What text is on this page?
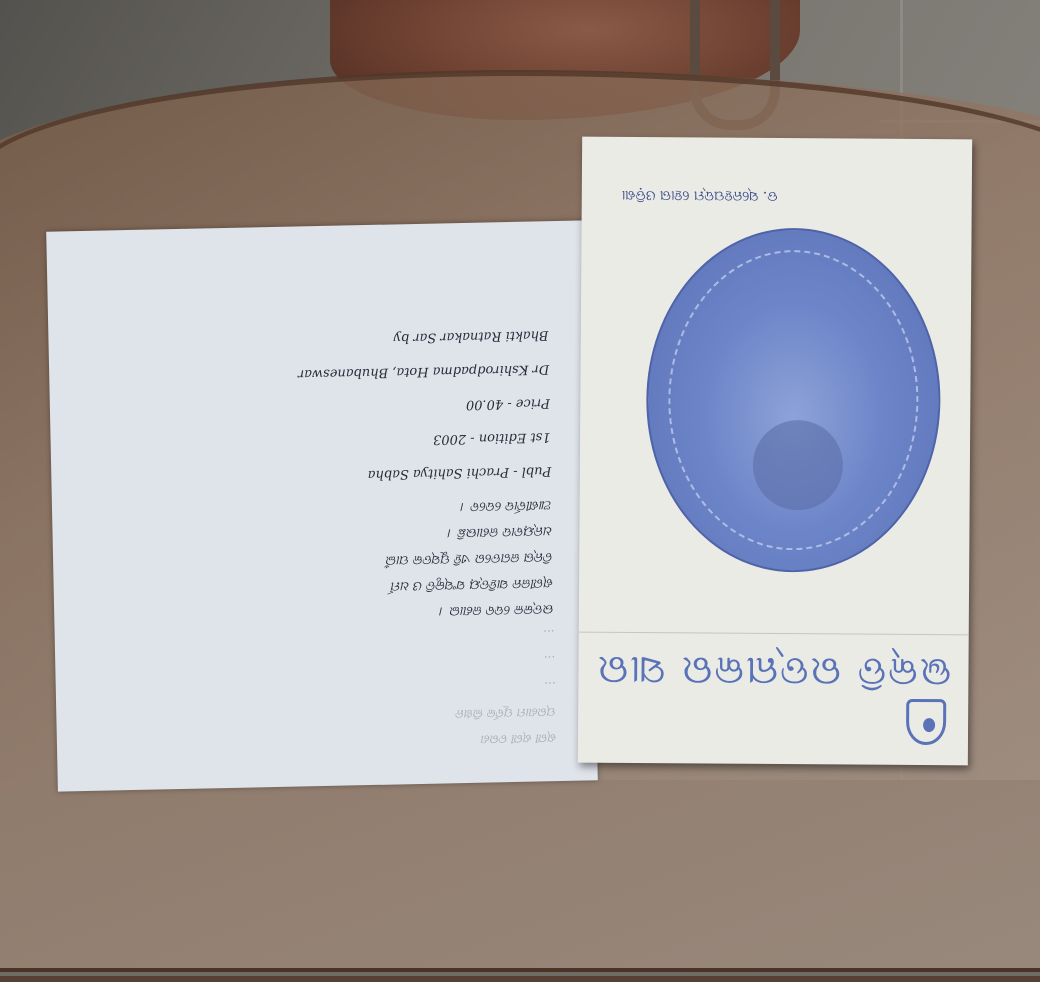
ଶ୍ରୀ ଶ୍ରୀ ଚରଣ

ପ୍ରଣାମ ପୂର୍ବକ ଲିଖନ

...

...

...

ଉତ୍କଳ ଦେବ ଜଣାଇ ।

ଶ୍ରୀଜନ ସାହିତ୍ୟ ସଂସ୍କୃତି ଓ ଧର୍ମ

ଚିନ୍ତା ଜଗତରେ ଏହି ପୁସ୍ତକ ପାଇଁ

ଧନ୍ୟବାଦ ଜଣାଉଛି ।

ଆଶୀର୍ବାଦ ଦେବେ ।

Publ - Prachi Sahitya Sabha

1st Edition - 2003

Price - 40.00

Dr Kshirodpadma Hota, Bhubaneswar

Bhakti Ratnakar Sar by

ଭକ୍ତି ରତ୍ନାକର ସାର
ଡ. ସ୍ନେହପଦ୍ମ ହୋତା ଓଡ଼ିଶା
